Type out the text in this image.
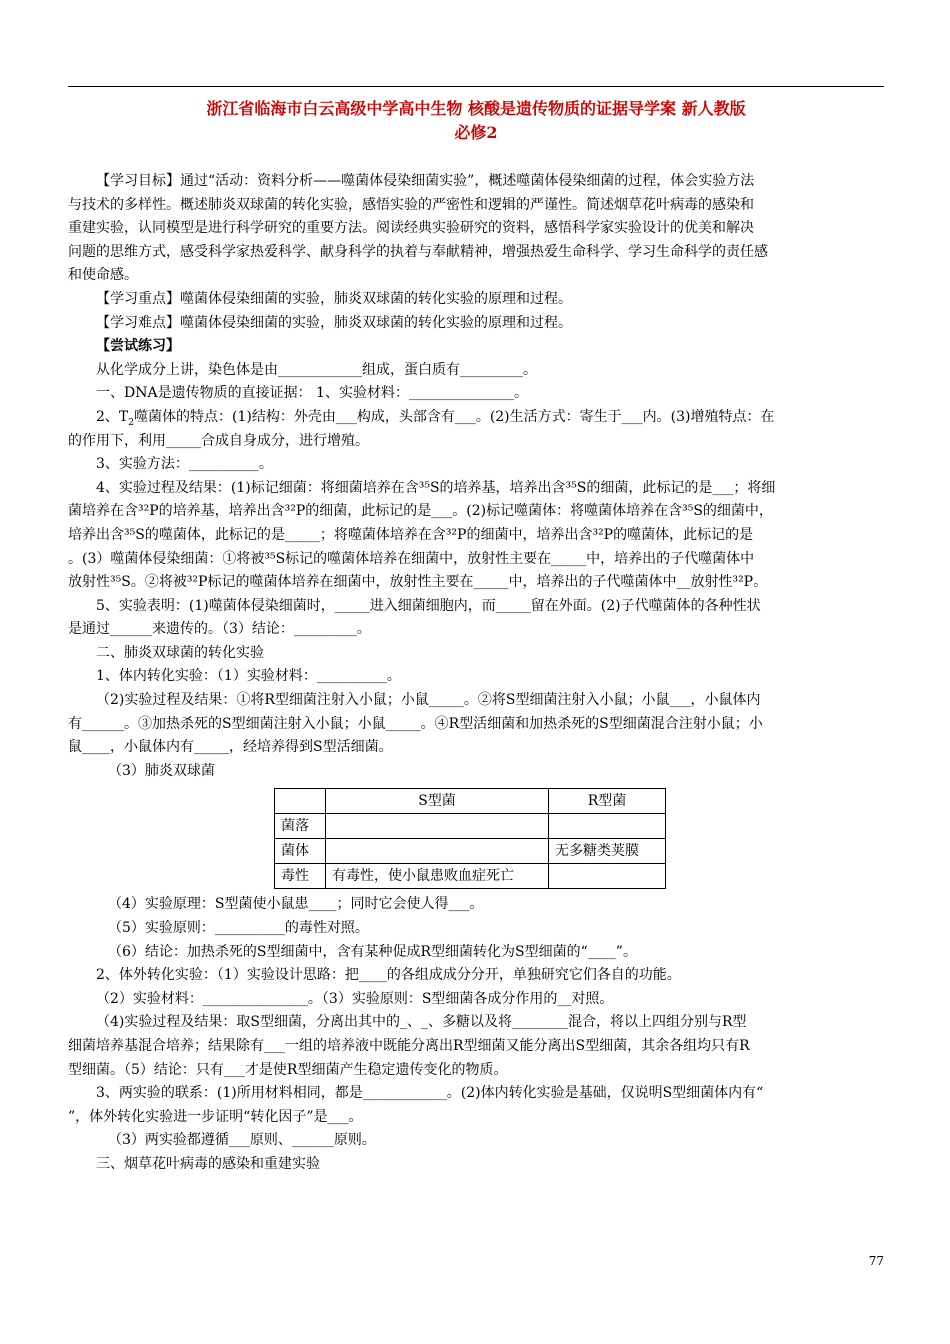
浙江省临海市白云高级中学高中生物 核酸是遗传物质的证据导学案 新人教版
必修2

【学习目标】通过“活动：资料分析——噬菌体侵染细菌实验”，概述噬菌体侵染细菌的过程，体会实验方法

与技术的多样性。概述肺炎双球菌的转化实验，感悟实验的严密性和逻辑的严谨性。简述烟草花叶病毒的感染和

重建实验，认同模型是进行科学研究的重要方法。阅读经典实验研究的资料，感悟科学家实验设计的优美和解决

问题的思维方式，感受科学家热爱科学、献身科学的执着与奉献精神，增强热爱生命科学、学习生命科学的责任感

和使命感。

【学习重点】噬菌体侵染细菌的实验，肺炎双球菌的转化实验的原理和过程。

【学习难点】噬菌体侵染细菌的实验，肺炎双球菌的转化实验的原理和过程。

【尝试练习】

从化学成分上讲，染色体是由____________组成，蛋白质有_________。

一、DNA是遗传物质的直接证据： 1、实验材料：_______________。

2、$T_2$噬菌体的特点：(1)结构：外壳由___构成，头部含有___。(2)生活方式：寄生于___内。(3)增殖特点：在

的作用下，利用_____合成自身成分，进行增殖。

3、实验方法：__________。

4、实验过程及结果：(1)标记细菌：将细菌培养在含³⁵S的培养基，培养出含³⁵S的细菌，此标记的是___；将细

菌培养在含³²P的培养基，培养出含³²P的细菌，此标记的是___。(2)标记噬菌体：将噬菌体培养在含³⁵S的细菌中，

培养出含³⁵S的噬菌体，此标记的是_____；将噬菌体培养在含³²P的细菌中，培养出含³²P的噬菌体，此标记的是

。(3）噬菌体侵染细菌：①将被³⁵S标记的噬菌体培养在细菌中，放射性主要在_____中，培养出的子代噬菌体中

放射性³⁵S。②将被³²P标记的噬菌体培养在细菌中，放射性主要在_____中，培养出的子代噬菌体中__放射性³²P。

5、实验表明：(1)噬菌体侵染细菌时，_____进入细菌细胞内，而_____留在外面。(2)子代噬菌体的各种性状

是通过______来遗传的。（3）结论：_________。

二、肺炎双球菌的转化实验

1、体内转化实验：（1）实验材料：__________。

（2)实验过程及结果：①将R型细菌注射入小鼠；小鼠_____。②将S型细菌注射入小鼠；小鼠___，小鼠体内

有______。③加热杀死的S型细菌注射入小鼠；小鼠_____。④R型活细菌和加热杀死的S型细菌混合注射小鼠；小

鼠____，小鼠体内有_____，经培养得到S型活细菌。

（3）肺炎双球菌

	S型菌	R型菌
菌落		
菌体		无多糖类荚膜
毒性	有毒性，使小鼠患败血症死亡	

（4）实验原理：S型菌使小鼠患____；同时它会使人得___。

（5）实验原则：__________的毒性对照。

（6）结论：加热杀死的S型细菌中，含有某种促成R型细菌转化为S型细菌的“____”。

2、体外转化实验：（1）实验设计思路：把____的各组成成分分开，单独研究它们各自的功能。

（2）实验材料：_______________。（3）实验原则：S型细菌各成分作用的__对照。

（4)实验过程及结果：取S型细菌，分离出其中的_、_、多糖以及将________混合，将以上四组分别与R型

细菌培养基混合培养；结果除有___一组的培养液中既能分离出R型细菌又能分离出S型细菌，其余各组均只有R

型细菌。（5）结论：只有___才是使R型细菌产生稳定遗传变化的物质。

3、两实验的联系：(1)所用材料相同，都是____________。(2)体内转化实验是基础，仅说明S型细菌体内有“

”，体外转化实验进一步证明“转化因子”是___。

（3）两实验都遵循___原则、______原则。

三、烟草花叶病毒的感染和重建实验

77
